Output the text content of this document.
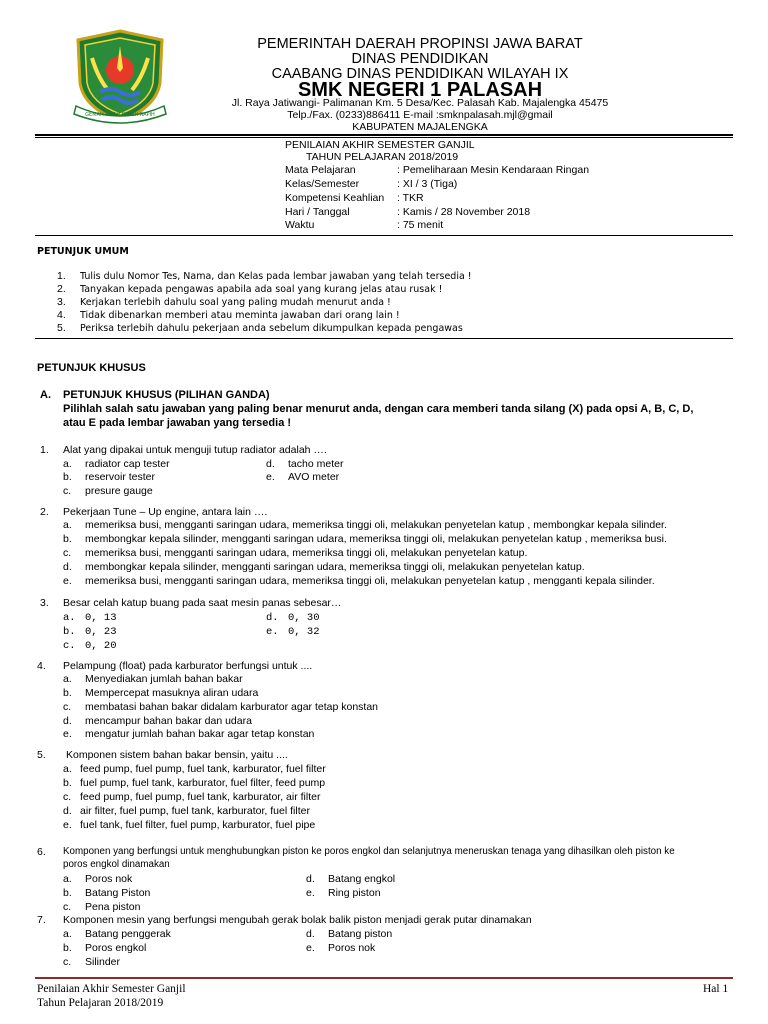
GEMAH RIPAH REPEH RAPIH
PEMERINTAH DAERAH PROPINSI JAWA BARAT
DINAS PENDIDIKAN
CAABANG DINAS PENDIDIKAN WILAYAH IX
SMK NEGERI 1 PALASAH
Jl. Raya Jatiwangi- Palimanan Km. 5 Desa/Kec. Palasah Kab. Majalengka 45475
Telp./Fax. (0233)886411 E-mail :smknpalasah.mjl@gmail
KABUPATEN MAJALENGKA
PENILAIAN AKHIR SEMESTER GANJIL
TAHUN PELAJARAN 2018/2019
Mata Pelajaran	: Pemeliharaan Mesin Kendaraan Ringan
Kelas/Semester	: XI / 3 (Tiga)
Kompetensi Keahlian : TKR
Hari / Tanggal	: Kamis / 28 November 2018
Waktu	: 75 menit
PETUNJUK UMUM
1. Tulis dulu Nomor Tes, Nama, dan Kelas pada lembar jawaban yang telah tersedia !
2. Tanyakan kepada pengawas apabila ada soal yang kurang jelas atau rusak !
3. Kerjakan terlebih dahulu soal yang paling mudah menurut anda !
4. Tidak dibenarkan memberi atau meminta jawaban dari orang lain !
5. Periksa terlebih dahulu pekerjaan anda sebelum dikumpulkan kepada pengawas
PETUNJUK KHUSUS
A. PETUNJUK KHUSUS (PILIHAN GANDA)
Pilihlah salah satu jawaban yang paling benar menurut anda, dengan cara memberi tanda silang (X) pada opsi A, B, C, D,
atau E pada lembar jawaban yang tersedia !
1. Alat yang dipakai untuk menguji tutup radiator adalah ….
a. radiator cap tester
b. reservoir tester
c. presure gauge
d. tacho meter
e. AVO meter
2. Pekerjaan Tune – Up engine, antara lain ….
a. memeriksa busi, mengganti saringan udara, memeriksa tinggi oli, melakukan penyetelan katup , membongkar kepala silinder.
b. membongkar kepala silinder, mengganti saringan udara, memeriksa tinggi oli, melakukan penyetelan katup , memeriksa busi.
c. memeriksa busi, mengganti saringan udara, memeriksa tinggi oli, melakukan penyetelan katup.
d. membongkar kepala silinder, mengganti saringan udara, memeriksa tinggi oli, melakukan penyetelan katup.
e. memeriksa busi, mengganti saringan udara, memeriksa tinggi oli, melakukan penyetelan katup , mengganti kepala silinder.
3. Besar celah katup buang pada saat mesin panas sebesar…
a. 0, 13
b. 0, 23
c. 0, 20
d. 0, 30
e. 0, 32
4. Pelampung (float) pada karburator berfungsi untuk ....
a. Menyediakan jumlah bahan bakar
b. Mempercepat masuknya aliran udara
c. membatasi bahan bakar didalam karburator agar tetap konstan
d. mencampur bahan bakar dan udara
e. mengatur jumlah bahan bakar agar tetap konstan
5. Komponen sistem bahan bakar bensin, yaitu ....
a. feed pump, fuel pump, fuel tank, karburator, fuel filter
b. fuel pump, fuel tank, karburator, fuel filter, feed pump
c. feed pump, fuel pump, fuel tank, karburator, air filter
d. air filter, fuel pump, fuel tank, karburator, fuel filter
e. fuel tank, fuel filter, fuel pump, karburator, fuel pipe
6. Komponen yang berfungsi untuk menghubungkan piston ke poros engkol dan selanjutnya meneruskan tenaga yang dihasilkan oleh piston ke
poros engkol dinamakan
a. Poros nok
b. Batang Piston
c. Pena piston
d. Batang engkol
e. Ring piston
7. Komponen mesin yang berfungsi mengubah gerak bolak balik piston menjadi gerak putar dinamakan
a. Batang penggerak
b. Poros engkol
c. Silinder
d. Batang piston
e. Poros nok
Penilaian Akhir Semester Ganjil
Tahun Pelajaran 2018/2019
Hal 1
